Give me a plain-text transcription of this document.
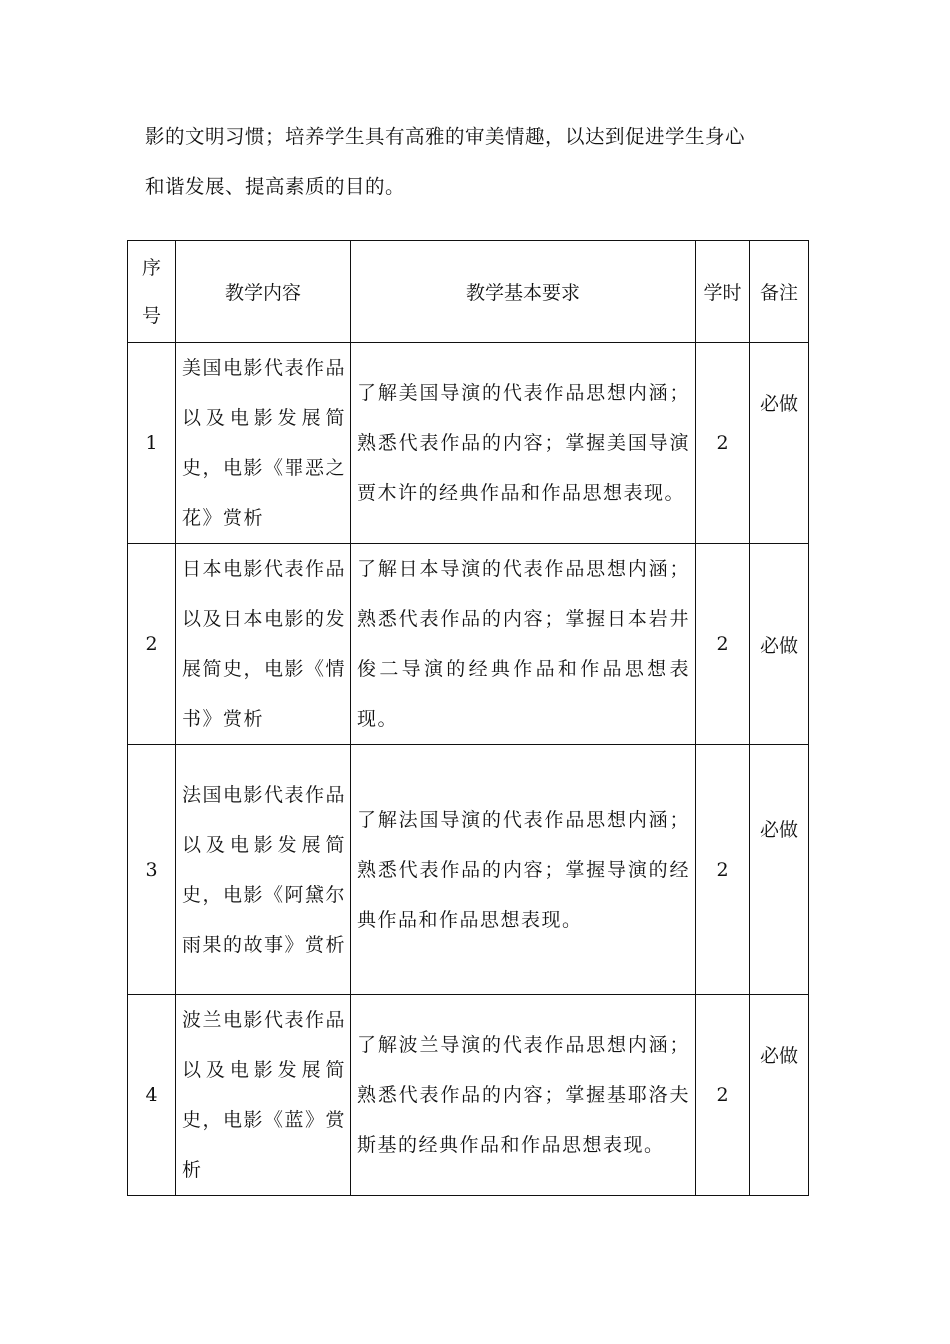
影的文明习惯；培养学生具有高雅的审美情趣，以达到促进学生身心

和谐发展、提高素质的目的。

序号	教学内容	教学基本要求	学时	备注
1	美国电影代表作品以及电影发展简史，电影《罪恶之花》赏析	了解美国导演的代表作品思想内涵；熟悉代表作品的内容；掌握美国导演贾木许的经典作品和作品思想表现。	2	必做
2	日本电影代表作品以及日本电影的发展简史，电影《情书》赏析	了解日本导演的代表作品思想内涵；熟悉代表作品的内容；掌握日本岩井俊二导演的经典作品和作品思想表现。	2	必做
3	法国电影代表作品以及电影发展简史，电影《阿黛尔雨果的故事》赏析	了解法国导演的代表作品思想内涵；熟悉代表作品的内容；掌握导演的经典作品和作品思想表现。	2	必做
4	波兰电影代表作品以及电影发展简史，电影《蓝》赏析	了解波兰导演的代表作品思想内涵；熟悉代表作品的内容；掌握基耶洛夫斯基的经典作品和作品思想表现。	2	必做
